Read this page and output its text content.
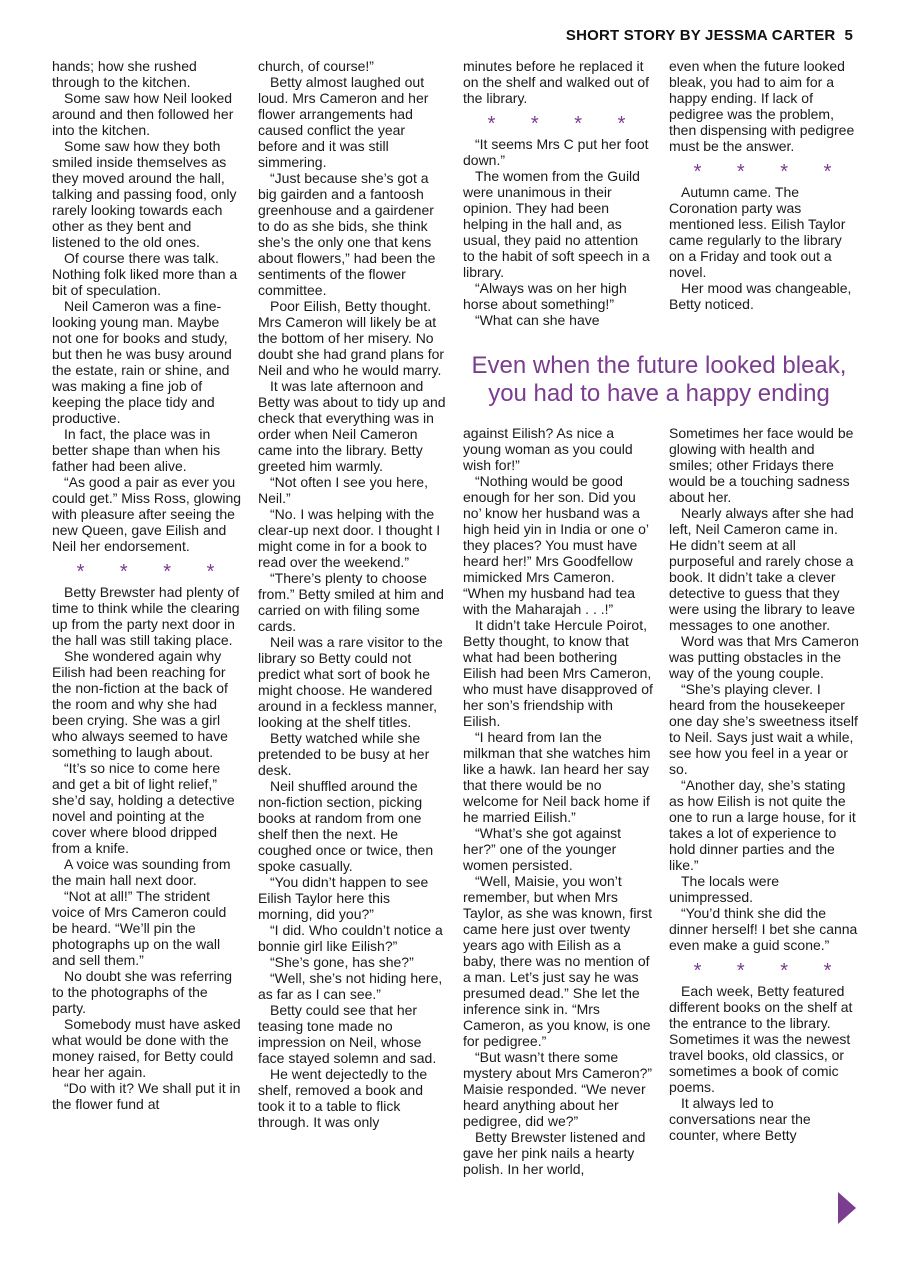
SHORT STORY BY JESSMA CARTER 5

hands; how she rushed through to the kitchen.

Some saw how Neil looked around and then followed her into the kitchen.

Some saw how they both smiled inside themselves as they moved around the hall, talking and passing food, only rarely looking towards each other as they bent and listened to the old ones.

Of course there was talk. Nothing folk liked more than a bit of speculation.

Neil Cameron was a fine-looking young man. Maybe not one for books and study, but then he was busy around the estate, rain or shine, and was making a fine job of keeping the place tidy and productive.

In fact, the place was in better shape than when his father had been alive.

“As good a pair as ever you could get.” Miss Ross, glowing with pleasure after seeing the new Queen, gave Eilish and Neil her endorsement.

* * * *

Betty Brewster had plenty of time to think while the clearing up from the party next door in the hall was still taking place.

She wondered again why Eilish had been reaching for the non-fiction at the back of the room and why she had been crying. She was a girl who always seemed to have something to laugh about.

“It’s so nice to come here and get a bit of light relief,” she’d say, holding a detective novel and pointing at the cover where blood dripped from a knife.

A voice was sounding from the main hall next door.

“Not at all!” The strident voice of Mrs Cameron could be heard. “We’ll pin the photographs up on the wall and sell them.”

No doubt she was referring to the photographs of the party.

Somebody must have asked what would be done with the money raised, for Betty could hear her again.

“Do with it? We shall put it in the flower fund at

church, of course!”

Betty almost laughed out loud. Mrs Cameron and her flower arrangements had caused conflict the year before and it was still simmering.

“Just because she’s got a big gairden and a fantoosh greenhouse and a gairdener to do as she bids, she think she’s the only one that kens about flowers,” had been the sentiments of the flower committee.

Poor Eilish, Betty thought. Mrs Cameron will likely be at the bottom of her misery. No doubt she had grand plans for Neil and who he would marry.

It was late afternoon and Betty was about to tidy up and check that everything was in order when Neil Cameron came into the library. Betty greeted him warmly.

“Not often I see you here, Neil.”

“No. I was helping with the clear-up next door. I thought I might come in for a book to read over the weekend.”

“There’s plenty to choose from.” Betty smiled at him and carried on with filing some cards.

Neil was a rare visitor to the library so Betty could not predict what sort of book he might choose. He wandered around in a feckless manner, looking at the shelf titles.

Betty watched while she pretended to be busy at her desk.

Neil shuffled around the non-fiction section, picking books at random from one shelf then the next. He coughed once or twice, then spoke casually.

“You didn’t happen to see Eilish Taylor here this morning, did you?”

“I did. Who couldn’t notice a bonnie girl like Eilish?”

“She’s gone, has she?”

“Well, she’s not hiding here, as far as I can see.”

Betty could see that her teasing tone made no impression on Neil, whose face stayed solemn and sad.

He went dejectedly to the shelf, removed a book and took it to a table to flick through. It was only

minutes before he replaced it on the shelf and walked out of the library.

* * * *

“It seems Mrs C put her foot down.”

The women from the Guild were unanimous in their opinion. They had been helping in the hall and, as usual, they paid no attention to the habit of soft speech in a library.

“Always was on her high horse about something!”

“What can she have

even when the future looked bleak, you had to aim for a happy ending. If lack of pedigree was the problem, then dispensing with pedigree must be the answer.

* * * *

Autumn came. The Coronation party was mentioned less. Eilish Taylor came regularly to the library on a Friday and took out a novel.

Her mood was changeable, Betty noticed.

Even when the future looked bleak, you had to have a happy ending

against Eilish? As nice a young woman as you could wish for!”

“Nothing would be good enough for her son. Did you no’ know her husband was a high heid yin in India or one o’ they places? You must have heard her!” Mrs Goodfellow mimicked Mrs Cameron. “When my husband had tea with the Maharajah . . .!”

It didn’t take Hercule Poirot, Betty thought, to know that what had been bothering Eilish had been Mrs Cameron, who must have disapproved of her son’s friendship with Eilish.

“I heard from Ian the milkman that she watches him like a hawk. Ian heard her say that there would be no welcome for Neil back home if he married Eilish.”

“What’s she got against her?” one of the younger women persisted.

“Well, Maisie, you won’t remember, but when Mrs Taylor, as she was known, first came here just over twenty years ago with Eilish as a baby, there was no mention of a man. Let’s just say he was presumed dead.” She let the inference sink in. “Mrs Cameron, as you know, is one for pedigree.”

“But wasn’t there some mystery about Mrs Cameron?” Maisie responded. “We never heard anything about her pedigree, did we?”

Betty Brewster listened and gave her pink nails a hearty polish. In her world,

Sometimes her face would be glowing with health and smiles; other Fridays there would be a touching sadness about her.

Nearly always after she had left, Neil Cameron came in. He didn’t seem at all purposeful and rarely chose a book. It didn’t take a clever detective to guess that they were using the library to leave messages to one another.

Word was that Mrs Cameron was putting obstacles in the way of the young couple.

“She’s playing clever. I heard from the housekeeper one day she’s sweetness itself to Neil. Says just wait a while, see how you feel in a year or so.

“Another day, she’s stating as how Eilish is not quite the one to run a large house, for it takes a lot of experience to hold dinner parties and the like.”

The locals were unimpressed.

“You’d think she did the dinner herself! I bet she canna even make a guid scone.”

* * * *

Each week, Betty featured different books on the shelf at the entrance to the library. Sometimes it was the newest travel books, old classics, or sometimes a book of comic poems.

It always led to conversations near the counter, where Betty
